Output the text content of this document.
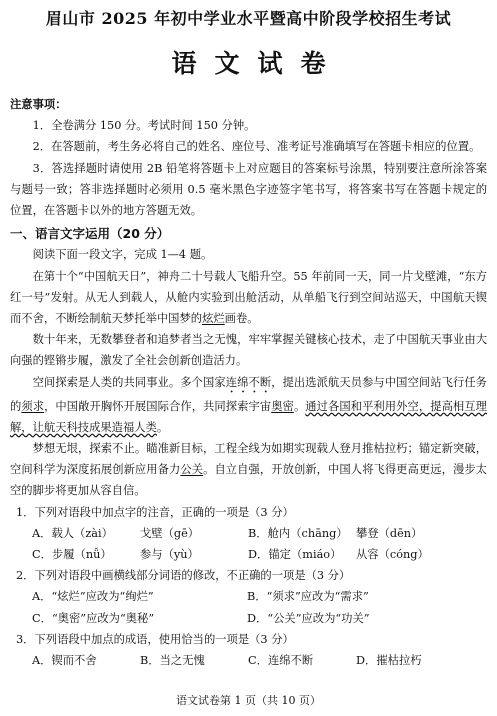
眉山市 2025 年初中学业水平暨高中阶段学校招生考试
语文试卷
注意事项：
1．全卷满分 150 分。考试时间 150 分钟。
2．在答题前，考生务必将自己的姓名、座位号、准考证号准确填写在答题卡相应的位置。
3．答选择题时请使用 2B 铅笔将答题卡上对应题目的答案标号涂黑，特别要注意所涂答案与题号一致；答非选择题时必须用 0.5 毫米黑色字迹签字笔书写，将答案书写在答题卡规定的位置，在答题卡以外的地方答题无效。
一、语言文字运用（20 分）
阅读下面一段文字，完成 1—4 题。
在第十个“中国航天日”，神舟二十号载人飞船升空。55 年前同一天，同一片戈壁滩，“东方红一号”发射。从无人到载人，从舱内实验到出舱活动，从单船飞行到空间站巡天，中国航天锲而不舍，不断绘制航天梦托举中国梦的炫烂画卷。
数十年来，无数攀登者和追梦者当之无愧，牢牢掌握关键核心技术，走了中国航天事业由大向强的铿锵步履，激发了全社会创新创造活力。
空间探索是人类的共同事业。多个国家连绵不断，提出选派航天员参与中国空间站飞行任务的须求，中国敞开胸怀开展国际合作，共同探索宇宙奥密。通过各国和平利用外空，提高相互理解，让航天科技成果造福人类。
梦想无垠，探索不止。瞄准新目标，工程全线为如期实现载人登月推枯拉朽；锚定新突破，空间科学为深度拓展创新应用备力公关。自立自强，开放创新，中国人将飞得更高更远，漫步太空的脚步将更加从容自信。
1．下列对语段中加点字的注音，正确的一项是（3 分）
A．载人（zài）	戈壁（gē）	B．舱内（chāng） 攀登（dēn）
C．步履（nǚ）	参与（yù）	D．锚定（miáo）	从容（cóng）
2．下列对语段中画横线部分词语的修改，不正确的一项是（3 分）
A．“炫烂”应改为“绚烂”	B．“须求”应改为“需求”
C．“奥密”应改为“奥秘”	D．“公关”应改为“功关”
3．下列语段中加点的成语，使用恰当的一项是（3 分）
A．锲而不舍	B．当之无愧	C．连绵不断	D．摧枯拉朽
语文试卷第 1 页（共 10 页）
